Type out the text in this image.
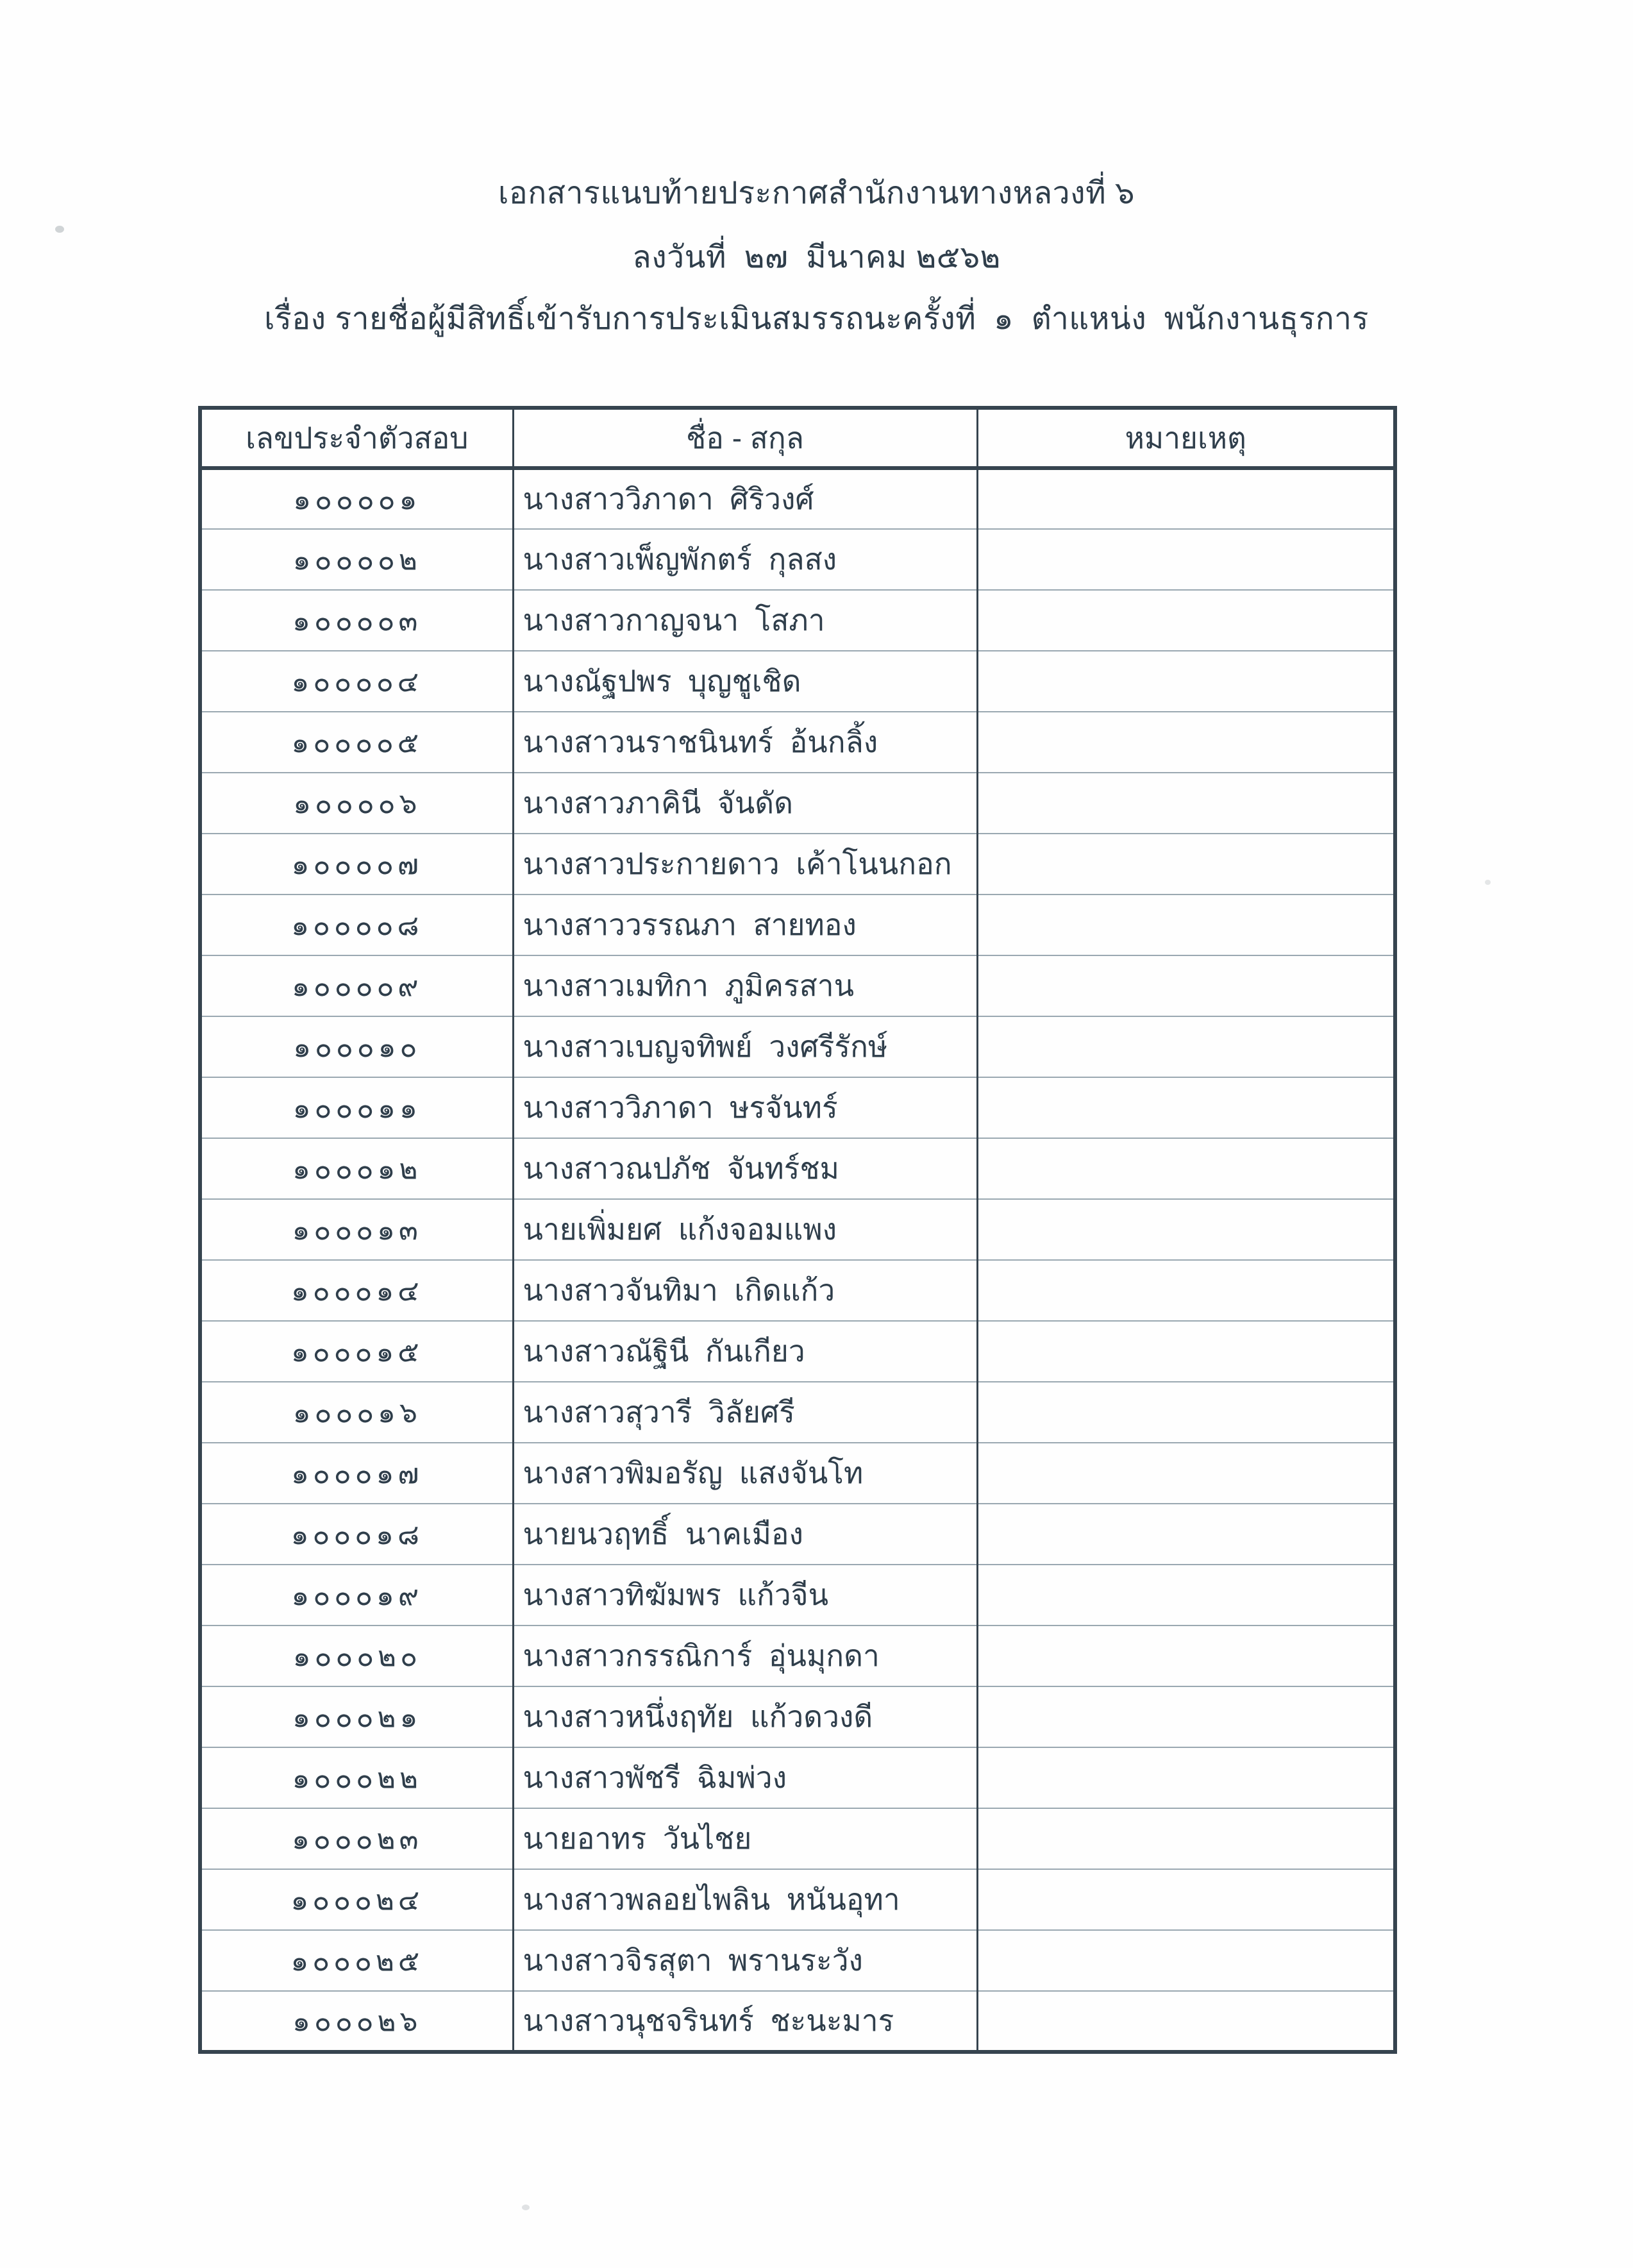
เอกสารแนบท้ายประกาศสำนักงานทางหลวงที่ ๖
ลงวันที่  ๒๗  มีนาคม ๒๕๖๒
เรื่อง รายชื่อผู้มีสิทธิ์เข้ารับการประเมินสมรรถนะครั้งที่  ๑  ตำแหน่ง  พนักงานธุรการ
เลขประจำตัวสอบ	ชื่อ - สกุล	หมายเหตุ
๑๐๐๐๐๑	นางสาววิภาดา  ศิริวงศ์	
๑๐๐๐๐๒	นางสาวเพ็ญพักตร์  กุลสง	
๑๐๐๐๐๓	นางสาวกาญจนา  โสภา	
๑๐๐๐๐๔	นางณัฐปพร  บุญชูเชิด	
๑๐๐๐๐๕	นางสาวนราชนินทร์  อ้นกลิ้ง	
๑๐๐๐๐๖	นางสาวภาคินี  จันดัด	
๑๐๐๐๐๗	นางสาวประกายดาว  เค้าโนนกอก	
๑๐๐๐๐๘	นางสาววรรณภา  สายทอง	
๑๐๐๐๐๙	นางสาวเมทิกา  ภูมิครสาน	
๑๐๐๐๑๐	นางสาวเบญจทิพย์  วงศรีรักษ์	
๑๐๐๐๑๑	นางสาววิภาดา  ษรจันทร์	
๑๐๐๐๑๒	นางสาวณปภัช  จันทร์ชม	
๑๐๐๐๑๓	นายเพิ่มยศ  แก้งจอมแพง	
๑๐๐๐๑๔	นางสาวจันทิมา  เกิดแก้ว	
๑๐๐๐๑๕	นางสาวณัฐินี  กันเกียว	
๑๐๐๐๑๖	นางสาวสุวารี  วิลัยศรี	
๑๐๐๐๑๗	นางสาวพิมอรัญ  แสงจันโท	
๑๐๐๐๑๘	นายนวฤทธิ์  นาคเมือง	
๑๐๐๐๑๙	นางสาวทิฆัมพร  แก้วจีน	
๑๐๐๐๒๐	นางสาวกรรณิการ์  อุ่นมุกดา	
๑๐๐๐๒๑	นางสาวหนึ่งฤทัย  แก้วดวงดี	
๑๐๐๐๒๒	นางสาวพัชรี  ฉิมพ่วง	
๑๐๐๐๒๓	นายอาทร  วันไชย	
๑๐๐๐๒๔	นางสาวพลอยไพลิน  หนันอุทา	
๑๐๐๐๒๕	นางสาวจิรสุตา  พรานระวัง	
๑๐๐๐๒๖	นางสาวนุชจรินทร์  ชะนะมาร	
